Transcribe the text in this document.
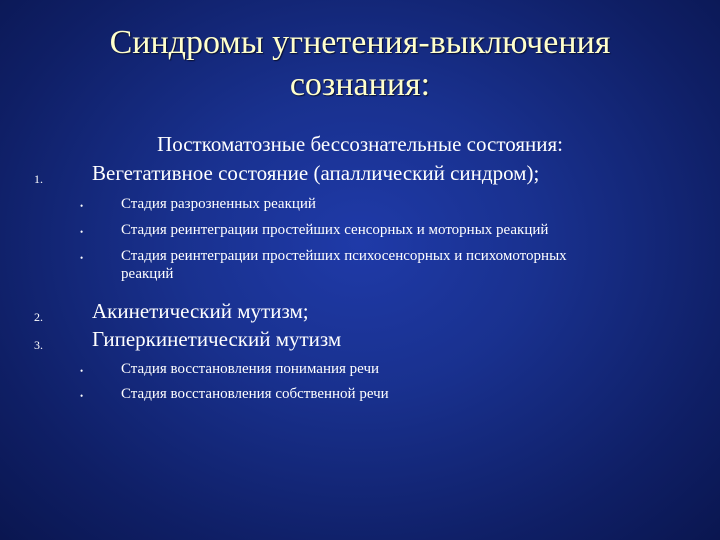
Синдромы угнетения-выключения
сознания:
Посткоматозные бессознательные состояния:
1. Вегетативное состояние (апаллический синдром);
•	Стадия разрозненных реакций
•	Стадия реинтеграции простейших сенсорных и моторных реакций
•	Стадия реинтеграции простейших психосенсорных и психомоторных реакций
2. Акинетический мутизм;
3. Гиперкинетический мутизм
•	Стадия восстановления понимания речи
•	Стадия восстановления собственной речи
